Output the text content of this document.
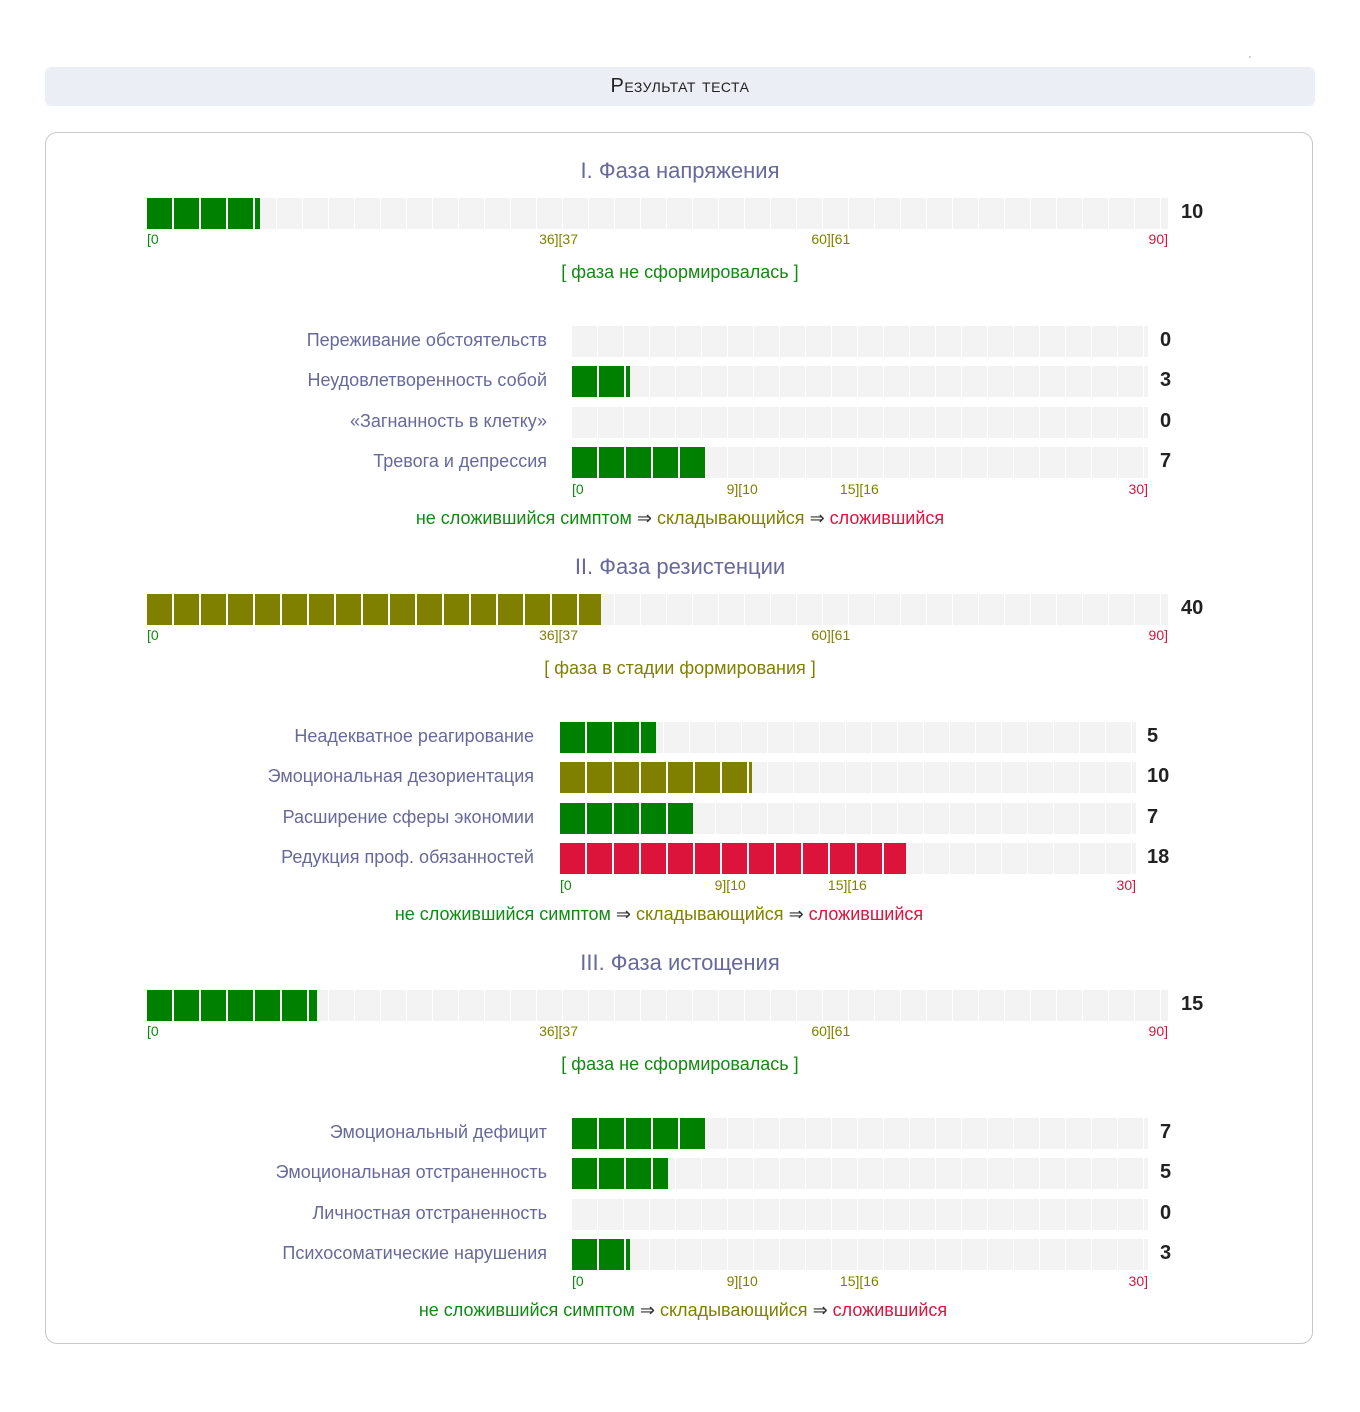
Результат теста
I. Фаза напряжения
10
[0	36][37	60][61	90]
[ фаза не сформировалась ]
Переживание обстоятельств	0
Неудовлетворенность собой	3
«Загнанность в клетку»	0
Тревога и депрессия	7
[0	9][10	15][16	30]
не сложившийся симптом ⇒ складывающийся ⇒ сложившийся
II. Фаза резистенции
40
[0	36][37	60][61	90]
[ фаза в стадии формирования ]
Неадекватное реагирование	5
Эмоциональная дезориентация	10
Расширение сферы экономии	7
Редукция проф. обязанностей	18
[0	9][10	15][16	30]
не сложившийся симптом ⇒ складывающийся ⇒ сложившийся
III. Фаза истощения
15
[0	36][37	60][61	90]
[ фаза не сформировалась ]
Эмоциональный дефицит	7
Эмоциональная отстраненность	5
Личностная отстраненность	0
Психосоматические нарушения	3
[0	9][10	15][16	30]
не сложившийся симптом ⇒ складывающийся ⇒ сложившийся
